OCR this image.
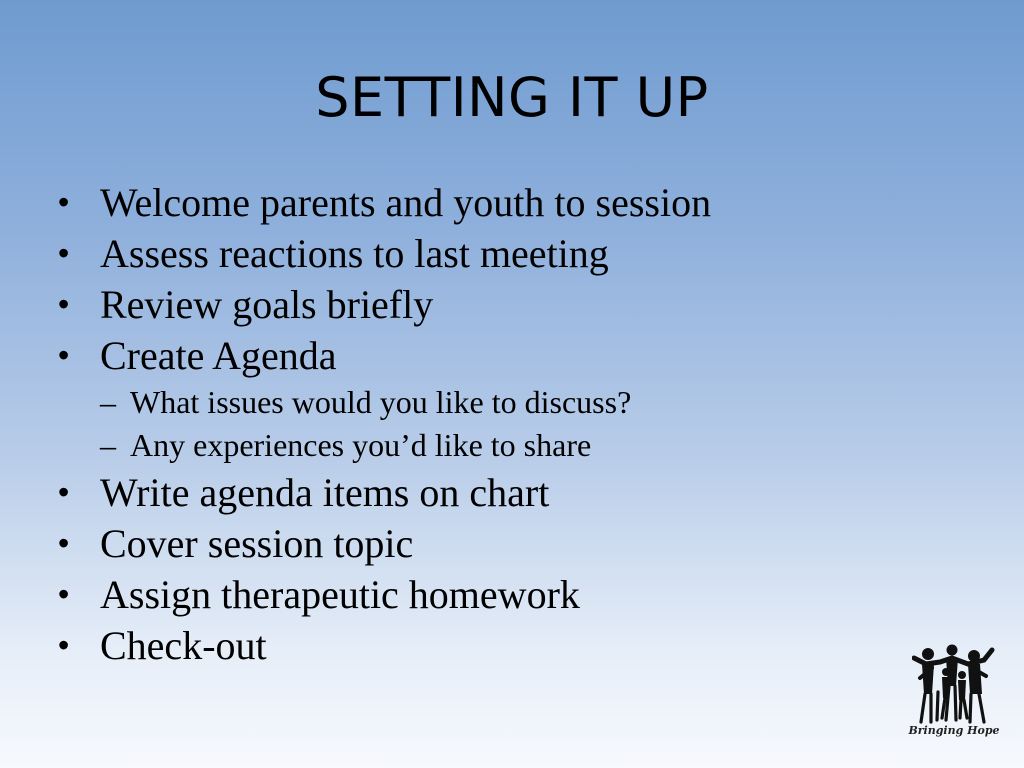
SETTING IT UP
• Welcome parents and youth to session
• Assess reactions to last meeting
• Review goals briefly
• Create Agenda
– What issues would you like to discuss?
– Any experiences you’d like to share
• Write agenda items on chart
• Cover session topic
• Assign therapeutic homework
• Check-out
Bringing Hope
